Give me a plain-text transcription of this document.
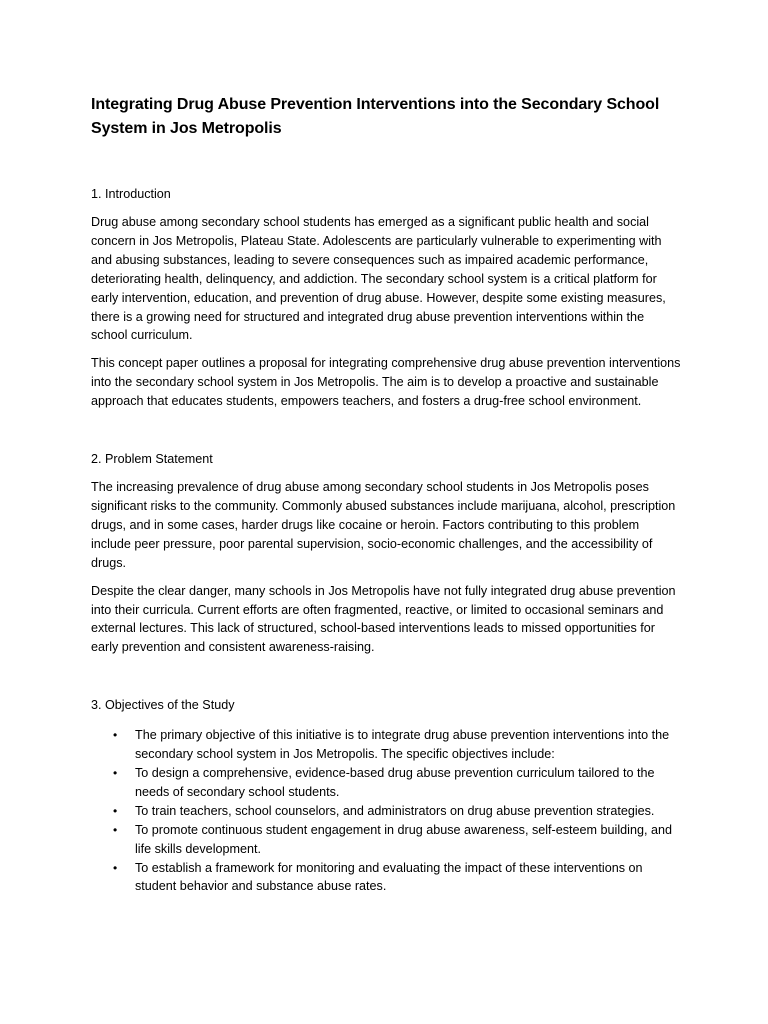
Integrating Drug Abuse Prevention Interventions into the Secondary School System in Jos Metropolis
1. Introduction

Drug abuse among secondary school students has emerged as a significant public health and social concern in Jos Metropolis, Plateau State. Adolescents are particularly vulnerable to experimenting with and abusing substances, leading to severe consequences such as impaired academic performance, deteriorating health, delinquency, and addiction. The secondary school system is a critical platform for early intervention, education, and prevention of drug abuse. However, despite some existing measures, there is a growing need for structured and integrated drug abuse prevention interventions within the school curriculum.

This concept paper outlines a proposal for integrating comprehensive drug abuse prevention interventions into the secondary school system in Jos Metropolis. The aim is to develop a proactive and sustainable approach that educates students, empowers teachers, and fosters a drug-free school environment.

2. Problem Statement

The increasing prevalence of drug abuse among secondary school students in Jos Metropolis poses significant risks to the community. Commonly abused substances include marijuana, alcohol, prescription drugs, and in some cases, harder drugs like cocaine or heroin. Factors contributing to this problem include peer pressure, poor parental supervision, socio-economic challenges, and the accessibility of drugs.

Despite the clear danger, many schools in Jos Metropolis have not fully integrated drug abuse prevention into their curricula. Current efforts are often fragmented, reactive, or limited to occasional seminars and external lectures. This lack of structured, school-based interventions leads to missed opportunities for early prevention and consistent awareness-raising.

3. Objectives of the Study
• The primary objective of this initiative is to integrate drug abuse prevention interventions into the secondary school system in Jos Metropolis. The specific objectives include:
• To design a comprehensive, evidence-based drug abuse prevention curriculum tailored to the needs of secondary school students.
• To train teachers, school counselors, and administrators on drug abuse prevention strategies.
• To promote continuous student engagement in drug abuse awareness, self-esteem building, and life skills development.
• To establish a framework for monitoring and evaluating the impact of these interventions on student behavior and substance abuse rates.
